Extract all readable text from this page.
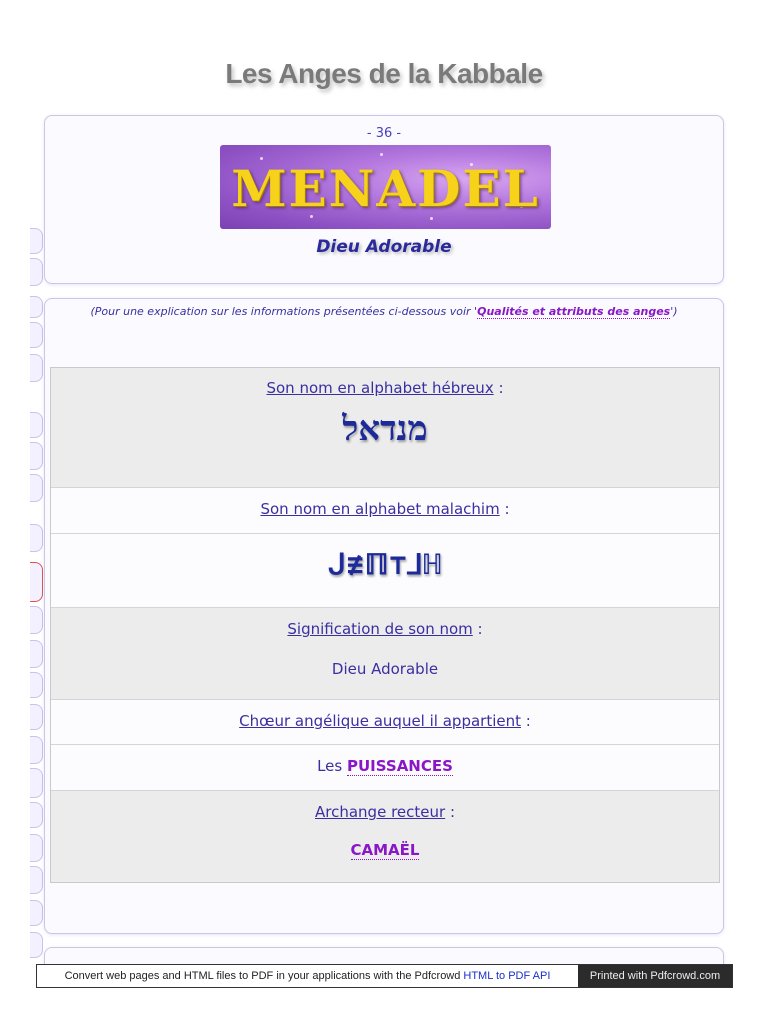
Les Anges de la Kabbale
- 36 -
MENADEL
Dieu Adorable
(Pour une explication sur les informations présentées ci-dessous voir 'Qualités et attributs des anges')
Son nom en alphabet hébreux :
מנדאל
Son nom en alphabet malachim :
ᒍ≢ℿ⊤⅃ℍ
Signification de son nom :
Dieu Adorable
Chœur angélique auquel il appartient :
Les PUISSANCES
Archange recteur :
CAMAËL
Convert web pages and HTML files to PDF in your applications with the Pdfcrowd HTML to PDF API	Printed with Pdfcrowd.com
